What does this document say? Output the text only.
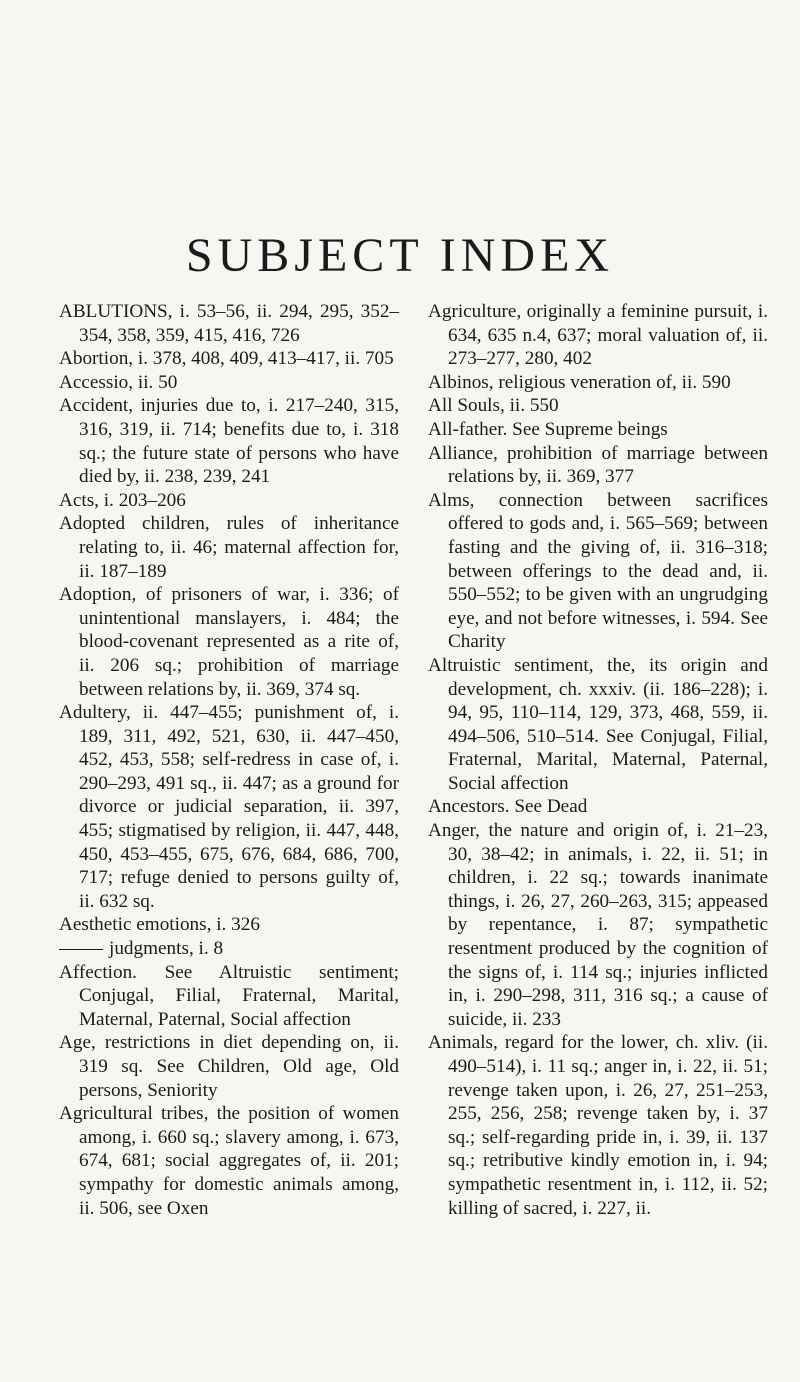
SUBJECT INDEX

ABLUTIONS, i. 53–56, ii. 294, 295, 352–354, 358, 359, 415, 416, 726

Abortion, i. 378, 408, 409, 413–417, ii. 705

Accessio, ii. 50

Accident, injuries due to, i. 217–240, 315, 316, 319, ii. 714; benefits due to, i. 318 sq.; the future state of persons who have died by, ii. 238, 239, 241

Acts, i. 203–206

Adopted children, rules of inheritance relating to, ii. 46; maternal affection for, ii. 187–189

Adoption, of prisoners of war, i. 336; of unintentional manslayers, i. 484; the blood-covenant represented as a rite of, ii. 206 sq.; prohibition of marriage between relations by, ii. 369, 374 sq.

Adultery, ii. 447–455; punishment of, i. 189, 311, 492, 521, 630, ii. 447–450, 452, 453, 558; self-redress in case of, i. 290–293, 491 sq., ii. 447; as a ground for divorce or judicial separation, ii. 397, 455; stigmatised by religion, ii. 447, 448, 450, 453–455, 675, 676, 684, 686, 700, 717; refuge denied to persons guilty of, ii. 632 sq.

Aesthetic emotions, i. 326

judgments, i. 8

Affection. See Altruistic sentiment; Conjugal, Filial, Fraternal, Marital, Maternal, Paternal, Social affection

Age, restrictions in diet depending on, ii. 319 sq. See Children, Old age, Old persons, Seniority

Agricultural tribes, the position of women among, i. 660 sq.; slavery among, i. 673, 674, 681; social aggregates of, ii. 201; sympathy for domestic animals among, ii. 506, see Oxen

Agriculture, originally a feminine pursuit, i. 634, 635 n.4, 637; moral valuation of, ii. 273–277, 280, 402

Albinos, religious veneration of, ii. 590

All Souls, ii. 550

All-father. See Supreme beings

Alliance, prohibition of marriage between relations by, ii. 369, 377

Alms, connection between sacrifices offered to gods and, i. 565–569; between fasting and the giving of, ii. 316–318; between offerings to the dead and, ii. 550–552; to be given with an ungrudging eye, and not before witnesses, i. 594. See Charity

Altruistic sentiment, the, its origin and development, ch. xxxiv. (ii. 186–228); i. 94, 95, 110–114, 129, 373, 468, 559, ii. 494–506, 510–514. See Conjugal, Filial, Fraternal, Marital, Maternal, Paternal, Social affection

Ancestors. See Dead

Anger, the nature and origin of, i. 21–23, 30, 38–42; in animals, i. 22, ii. 51; in children, i. 22 sq.; towards inanimate things, i. 26, 27, 260–263, 315; appeased by repentance, i. 87; sympathetic resentment produced by the cognition of the signs of, i. 114 sq.; injuries inflicted in, i. 290–298, 311, 316 sq.; a cause of suicide, ii. 233

Animals, regard for the lower, ch. xliv. (ii. 490–514), i. 11 sq.; anger in, i. 22, ii. 51; revenge taken upon, i. 26, 27, 251–253, 255, 256, 258; revenge taken by, i. 37 sq.; self-regarding pride in, i. 39, ii. 137 sq.; retributive kindly emotion in, i. 94; sympathetic resentment in, i. 112, ii. 52; killing of sacred, i. 227, ii.
